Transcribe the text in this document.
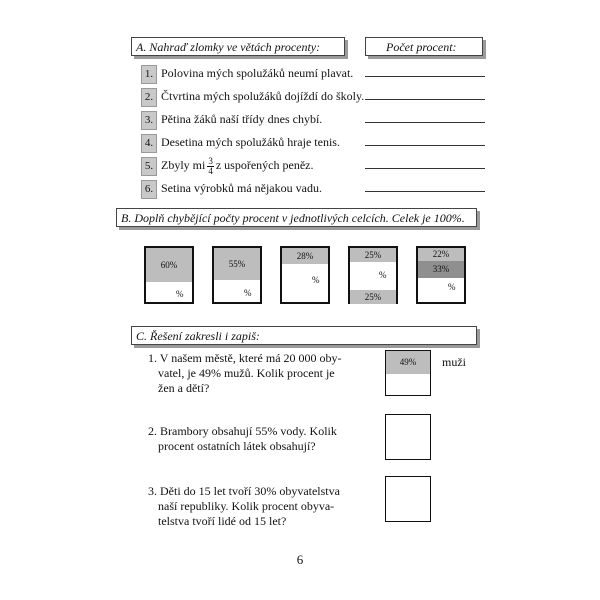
A. Nahraď zlomky ve větách procenty:	Počet procent:
1. Polovina mých spolužáků neumí plavat.
2. Čtvrtina mých spolužáků dojíždí do školy.
3. Pětina žáků naší třídy dnes chybí.
4. Desetina mých spolužáků hraje tenis.
5. Zbyly mi $\frac{3}{4}$ z uspořených peněz.
6. Setina výrobků má nějakou vadu.
B. Doplň chybějící počty procent v jednotlivých celcích. Celek je 100%.
60%
%
55%
%
28%
%
25%
%
25%
22%
33%
%
C. Řešení zakresli i zapiš:
1. V našem městě, které má 20 000 oby-
vatel, je 49% mužů. Kolik procent je
žen a dětí?
49%	muži
2. Brambory obsahují 55% vody. Kolik
procent ostatních látek obsahují?
3. Děti do 15 let tvoří 30% obyvatelstva
naší republiky. Kolik procent obyva-
telstva tvoří lidé od 15 let?
6
